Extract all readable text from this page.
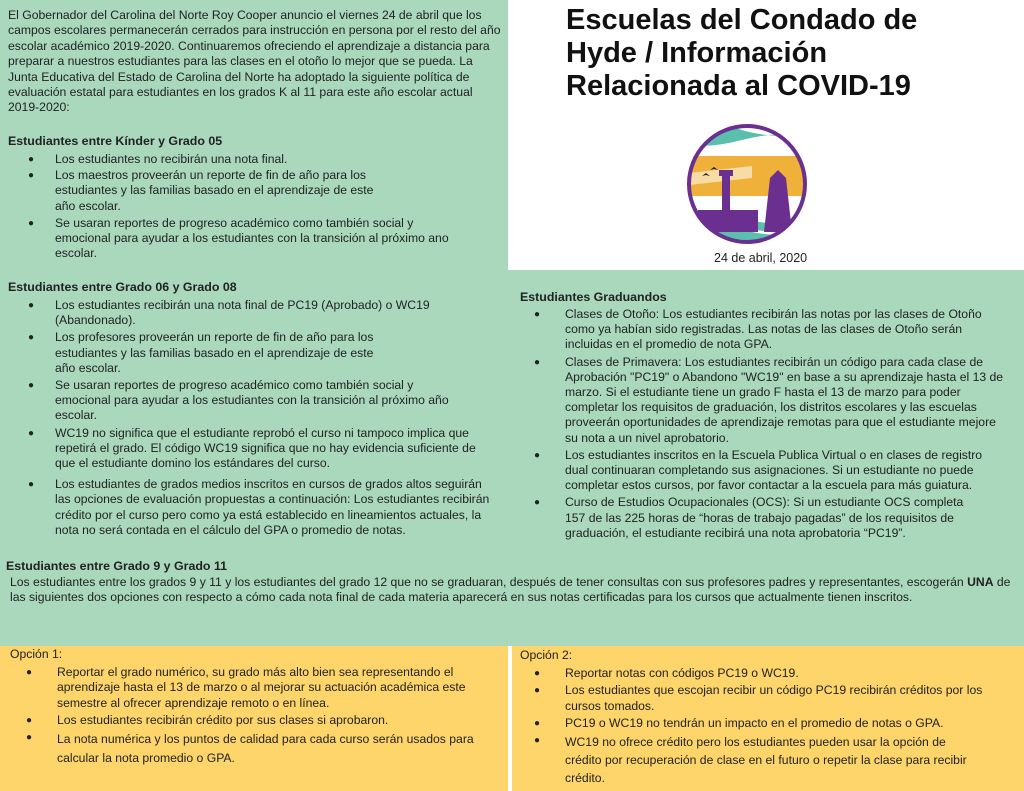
El Gobernador del Carolina del Norte Roy Cooper anuncio el viernes 24 de abril que los campos escolares permanecerán cerrados para instrucción en persona por el resto del año escolar académico 2019-2020. Continuaremos ofreciendo el aprendizaje a distancia para preparar a nuestros estudiantes para las clases en el otoño lo mejor que se pueda. La Junta Educativa del Estado de Carolina del Norte ha adoptado la siguiente política de evaluación estatal para estudiantes en los grados K al 11 para este año escolar actual 2019-2020:

Estudiantes entre Kínder y Grado 05

● Los estudiantes no recibirán una nota final.
● Los maestros proveerán un reporte de fin de año para los estudiantes y las familias basado en el aprendizaje de este año escolar.
● Se usaran reportes de progreso académico como también social y emocional para ayudar a los estudiantes con la transición al próximo ano escolar.

Estudiantes entre Grado 06 y Grado 08

● Los estudiantes recibirán una nota final de PC19 (Aprobado) o WC19 (Abandonado).
● Los profesores proveerán un reporte de fin de año para los estudiantes y las familias basado en el aprendizaje de este año escolar.
● Se usaran reportes de progreso académico como también social y emocional para ayudar a los estudiantes con la transición al próximo año escolar.
● WC19 no significa que el estudiante reprobó el curso ni tampoco implica que repetirá el grado. El código WC19 significa que no hay evidencia suficiente de que el estudiante domino los estándares del curso.
● Los estudiantes de grados medios inscritos en cursos de grados altos seguirán las opciones de evaluación propuestas a continuación: Los estudiantes recibirán crédito por el curso pero como ya está establecido en lineamientos actuales, la nota no será contada en el cálculo del GPA o promedio de notas.
Escuelas del Condado de Hyde / Información Relacionada al COVID-19
24 de abril, 2020

Estudiantes Graduandos

● Clases de Otoño: Los estudiantes recibirán las notas por las clases de Otoño como ya habían sido registradas. Las notas de las clases de Otoño serán incluidas en el promedio de nota GPA.
● Clases de Primavera: Los estudiantes recibirán un código para cada clase de Aprobación "PC19" o Abandono "WC19" en base a su aprendizaje hasta el 13 de marzo. Si el estudiante tiene un grado F hasta el 13 de marzo para poder completar los requisitos de graduación, los distritos escolares y las escuelas proveerán oportunidades de aprendizaje remotas para que el estudiante mejore su nota a un nivel aprobatorio.
● Los estudiantes inscritos en la Escuela Publica Virtual o en clases de registro dual continuaran completando sus asignaciones. Si un estudiante no puede completar estos cursos, por favor contactar a la escuela para más guiatura.
● Curso de Estudios Ocupacionales (OCS): Si un estudiante OCS completa 157 de las 225 horas de “horas de trabajo pagadas” de los requisitos de graduación, el estudiante recibirá una nota aprobatoria “PC19”.

Estudiantes entre Grado 9 y Grado 11

Los estudiantes entre los grados 9 y 11 y los estudiantes del grado 12 que no se graduaran, después de tener consultas con sus profesores padres y representantes, escogerán UNA de las siguientes dos opciones con respecto a cómo cada nota final de cada materia aparecerá en sus notas certificadas para los cursos que actualmente tienen inscritos.

Opción 1:

● Reportar el grado numérico, su grado más alto bien sea representando el aprendizaje hasta el 13 de marzo o al mejorar su actuación académica este semestre al ofrecer aprendizaje remoto o en línea.
● Los estudiantes recibirán crédito por sus clases si aprobaron.
● La nota numérica y los puntos de calidad para cada curso serán usados para calcular la nota promedio o GPA.

Opción 2:

● Reportar notas con códigos PC19 o WC19.
● Los estudiantes que escojan recibir un código PC19 recibirán créditos por los cursos tomados.
● PC19 o WC19 no tendrán un impacto en el promedio de notas o GPA.
● WC19 no ofrece crédito pero los estudiantes pueden usar la opción de crédito por recuperación de clase en el futuro o repetir la clase para recibir crédito.
